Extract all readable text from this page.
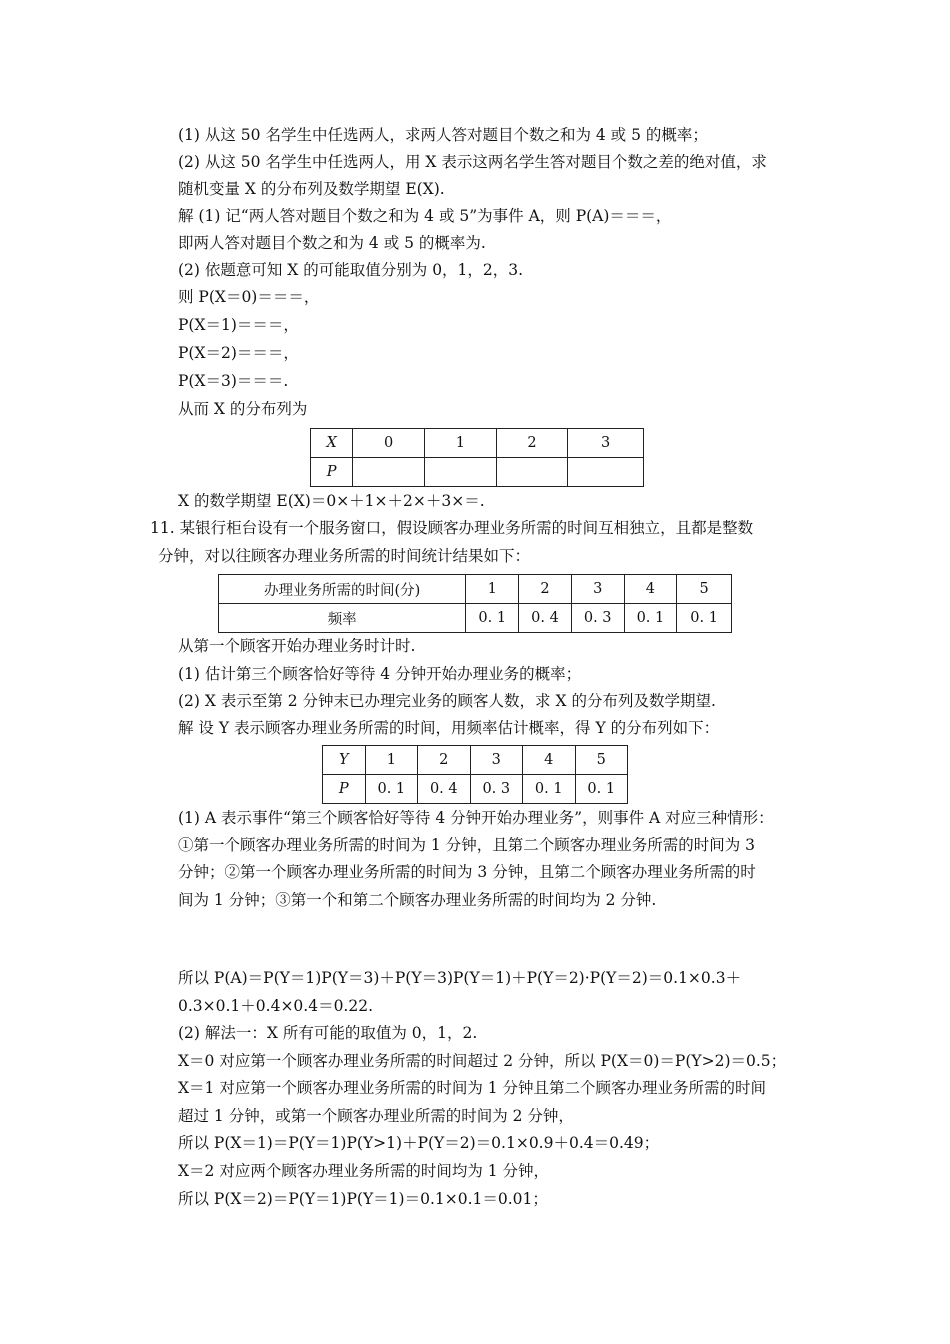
(1) 从这 50 名学生中任选两人，求两人答对题目个数之和为 4 或 5 的概率；
(2) 从这 50 名学生中任选两人，用 X 表示这两名学生答对题目个数之差的绝对值，求
随机变量 X 的分布列及数学期望 E(X).
解 (1) 记“两人答对题目个数之和为 4 或 5”为事件 A，则 P(A)＝＝＝，
即两人答对题目个数之和为 4 或 5 的概率为.
(2) 依题意可知 X 的可能取值分别为 0，1，2，3.
则 P(X＝0)＝＝＝，
P(X＝1)＝＝＝，
P(X＝2)＝＝＝，
P(X＝3)＝＝＝.
从而 X 的分布列为
X	0	1	2	3
P				
X 的数学期望 E(X)＝0×＋1×＋2×＋3×＝.
11. 某银行柜台设有一个服务窗口，假设顾客办理业务所需的时间互相独立，且都是整数
分钟，对以往顾客办理业务所需的时间统计结果如下：
办理业务所需的时间(分)	1	2	3	4	5
频率	0. 1	0. 4	0. 3	0. 1	0. 1
从第一个顾客开始办理业务时计时.
(1) 估计第三个顾客恰好等待 4 分钟开始办理业务的概率；
(2) X 表示至第 2 分钟末已办理完业务的顾客人数，求 X 的分布列及数学期望.
解 设 Y 表示顾客办理业务所需的时间，用频率估计概率，得 Y 的分布列如下：
Y	1	2	3	4	5
P	0. 1	0. 4	0. 3	0. 1	0. 1
(1) A 表示事件“第三个顾客恰好等待 4 分钟开始办理业务”，则事件 A 对应三种情形：
①第一个顾客办理业务所需的时间为 1 分钟，且第二个顾客办理业务所需的时间为 3
分钟；②第一个顾客办理业务所需的时间为 3 分钟，且第二个顾客办理业务所需的时
间为 1 分钟；③第一个和第二个顾客办理业务所需的时间均为 2 分钟.
所以 P(A)＝P(Y＝1)P(Y＝3)＋P(Y＝3)P(Y＝1)＋P(Y＝2)·P(Y＝2)＝0.1×0.3＋
0.3×0.1＋0.4×0.4＝0.22.
(2) 解法一：X 所有可能的取值为 0，1，2.
X＝0 对应第一个顾客办理业务所需的时间超过 2 分钟，所以 P(X＝0)＝P(Y>2)＝0.5；
X＝1 对应第一个顾客办理业务所需的时间为 1 分钟且第二个顾客办理业务所需的时间
超过 1 分钟，或第一个顾客办理业所需的时间为 2 分钟，
所以 P(X＝1)＝P(Y＝1)P(Y>1)＋P(Y＝2)＝0.1×0.9＋0.4＝0.49；
X＝2 对应两个顾客办理业务所需的时间均为 1 分钟，
所以 P(X＝2)＝P(Y＝1)P(Y＝1)＝0.1×0.1＝0.01；
